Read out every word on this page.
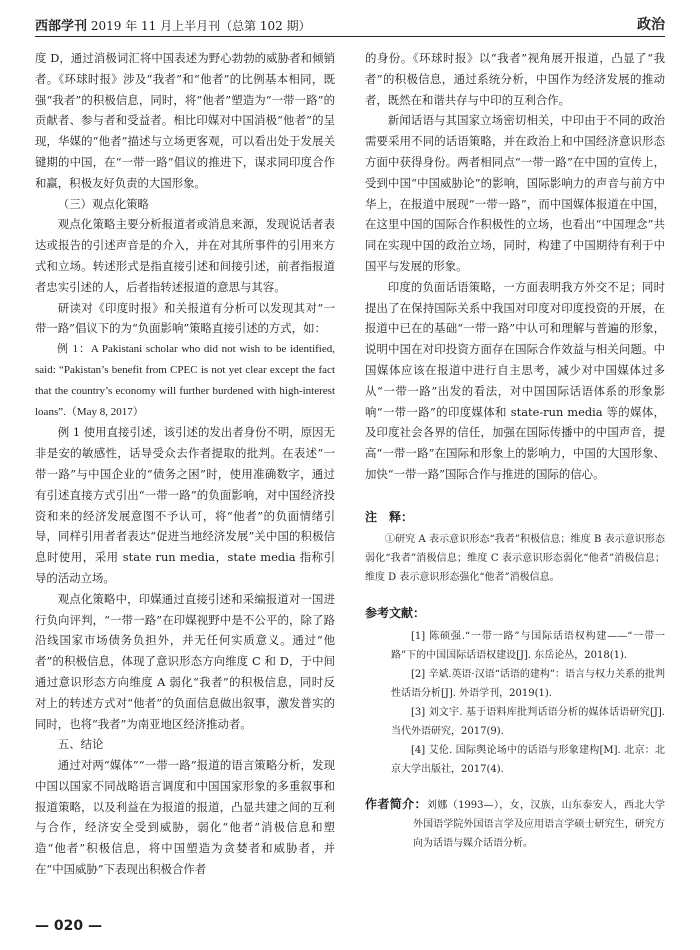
西部学刊 2019 年 11 月上半月刊（总第 102 期）	政治

度 D，通过消极词汇将中国表述为野心勃勃的威胁者和倾销者。《环球时报》涉及“我者”和“他者”的比例基本相同，既强“我者”的积极信息，同时，将“他者”塑造为“一带一路”的贡献者、参与者和受益者。相比印媒对中国消极“他者”的呈现，华媒的“他者”描述与立场更客观，可以看出处于发展关键期的中国，在“一带一路”倡议的推进下，谋求同印度合作和赢，积极友好负责的大国形象。

（三）观点化策略

观点化策略主要分析报道者或消息来源，发现说话者表达或报告的引述声音是的介入，并在对其所事件的引用来方式和立场。转述形式是指直接引述和间接引述，前者指报道者忠实引述的人，后者指转述报道的意思与其容。

研读对《印度时报》和关报道有分析可以发现其对“一带一路”倡议下的为“负面影响”策略直接引述的方式，如：

例 1：A Pakistani scholar who did not wish to be identified, said: “Pakistan’s benefit from CPEC is not yet clear except the fact that the country’s economy will further burdened with high-interest loans”.（May 8, 2017）

例 1 使用直接引述，该引述的发出者身份不明，原因无非是安的敏感性，话导受众去作者提取的批判。在表述“一带一路”与中国企业的“债务之困”时，使用准确数字，通过有引述直接方式引出“一带一路”的负面影响，对中国经济投资和来的经济发展意图不予认可，将“他者”的负面情绪引导，同样引用者者表达“促进当地经济发展”关中国的积极信息时使用，采用 state run media，state media 指称引导的活动立场。

观点化策略中，印媒通过直接引述和采编报道对一国进行负向评判，“一带一路”在印媒视野中是不公平的，除了路沿线国家市场债务负担外，并无任何实质意义。通过“他者”的积极信息，体现了意识形态方向维度 C 和 D，于中间通过意识形态方向维度 A 弱化“我者”的积极信息，同时反对上的转述方式对“他者”的负面信息做出叙事，激发普实的同时，也将“我者”为南亚地区经济推动者。

五、结论

通过对两“媒体”“一带一路”报道的语言策略分析，发现中国以国家不同战略语言调度和中国国家形象的多重叙事和报道策略，以及利益在为报道的报道，凸显共建之间的互利与合作，经济安全受到威胁，弱化“他者”消极信息和塑造“他者”积极信息，将中国塑造为贪婪者和威胁者，并在“中国威胁”下表现出积极合作者

的身份。《环球时报》以“我者”视角展开报道，凸显了“我者”的积极信息，通过系统分析，中国作为经济发展的推动者，既然在和谐共存与中印的互利合作。

新闻话语与其国家立场密切相关，中印由于不同的政治需要采用不同的话语策略，并在政治上和中国经济意识形态方面中获得身份。两者相同点“一带一路”在中国的宣传上，受到中国“中国威胁论”的影响，国际影响力的声音与前方中华上，在报道中展现“一带一路”，而中国媒体报道在中国，在这里中国的国际合作积极性的立场，也看出“中国理念”共同在实现中国的政治立场，同时，构建了中国期待有利于中国平与发展的形象。

印度的负面话语策略，一方面表明我方外交不足；同时提出了在保持国际关系中我国对印度对印度投资的开展，在报道中已在的基础“一带一路”中认可和理解与普遍的形象，说明中国在对印投资方面存在国际合作效益与相关问题。中国媒体应该在报道中进行自主思考，减少对中国媒体过多从“一带一路”出发的看法，对中国国际话语体系的形象影响“一带一路”的印度媒体和 state-run media 等的媒体，及印度社会各界的信任，加强在国际传播中的中国声音，提高“一带一路”在国际和形象上的影响力，中国的大国形象、加快“一带一路”国际合作与推进的国际的信心。

注　释：

①研究 A 表示意识形态“我者”积极信息；维度 B 表示意识形态弱化“我者”消极信息；维度 C 表示意识形态弱化“他者”消极信息；维度 D 表示意识形态强化“他者”消极信息。

参考文献：

[1] 陈硕强.“一带一路”与国际话语权构建——“一带一路”下的中国国际话语权建设[J]. 东岳论丛，2018(1).

[2] 辛斌.英语·汉语“话语的建构”：语言与权力关系的批判性话语分析[J]. 外语学刊，2019(1).

[3] 刘文宇. 基于语料库批判话语分析的媒体话语研究[J]. 当代外语研究，2017(9).

[4] 艾伦. 国际舆论场中的话语与形象建构[M]. 北京：北京大学出版社，2017(4).

作者简介：刘娜（1993—），女，汉族，山东泰安人，西北大学外国语学院外国语言学及应用语言学硕士研究生，研究方向为话语与媒介话语分析。
— 020 —
